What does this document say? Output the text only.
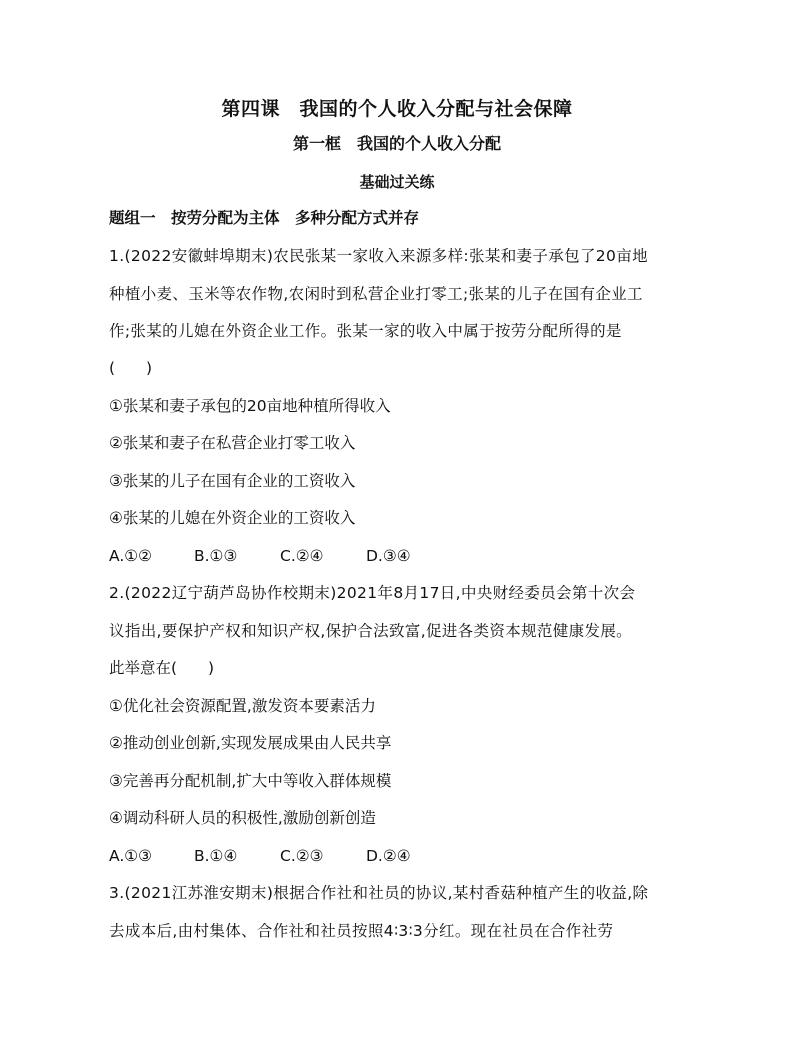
第四课　我国的个人收入分配与社会保障
第一框　我国的个人收入分配
基础过关练
题组一　按劳分配为主体　多种分配方式并存
1.(2022安徽蚌埠期末)农民张某一家收入来源多样:张某和妻子承包了20亩地
种植小麦、玉米等农作物,农闲时到私营企业打零工;张某的儿子在国有企业工
作;张某的儿媳在外资企业工作。张某一家的收入中属于按劳分配所得的是
(　　)
①张某和妻子承包的20亩地种植所得收入
②张某和妻子在私营企业打零工收入
③张某的儿子在国有企业的工资收入
④张某的儿媳在外资企业的工资收入
A.①②	B.①③	C.②④	D.③④
2.(2022辽宁葫芦岛协作校期末)2021年8月17日,中央财经委员会第十次会
议指出,要保护产权和知识产权,保护合法致富,促进各类资本规范健康发展。
此举意在(　　)
①优化社会资源配置,激发资本要素活力
②推动创业创新,实现发展成果由人民共享
③完善再分配机制,扩大中等收入群体规模
④调动科研人员的积极性,激励创新创造
A.①③	B.①④	C.②③	D.②④
3.(2021江苏淮安期末)根据合作社和社员的协议,某村香菇种植产生的收益,除
去成本后,由村集体、合作社和社员按照4∶3∶3分红。现在社员在合作社劳
